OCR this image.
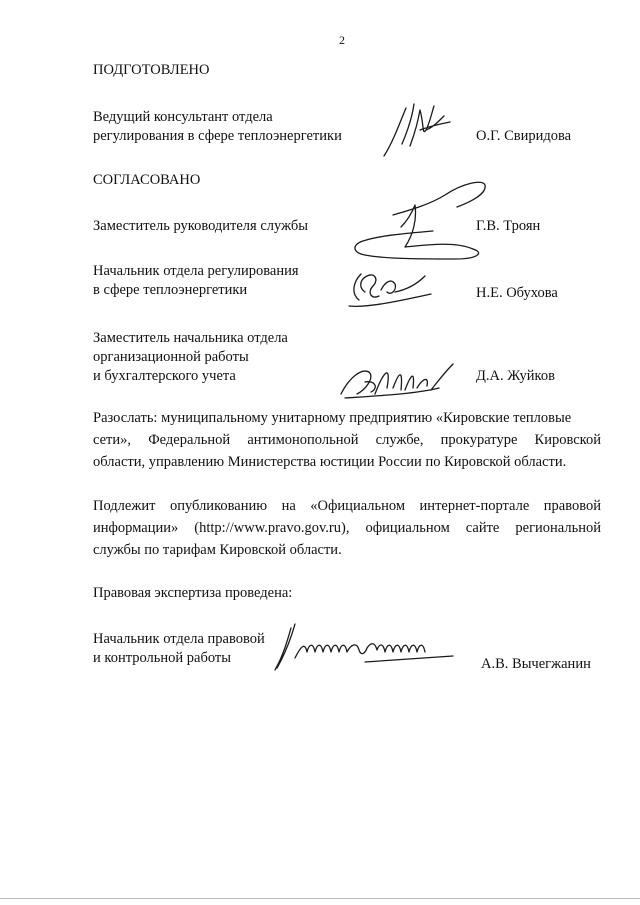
2

ПОДГОТОВЛЕНО

Ведущий консультант отдела

регулирования в сфере теплоэнергетики	О.Г. Свиридова

СОГЛАСОВАНО

Заместитель руководителя службы	Г.В. Троян

Начальник отдела регулирования

в сфере теплоэнергетики	Н.Е. Обухова

Заместитель начальника отдела

организационной работы

и бухгалтерского учета	Д.А. Жуйков

Разослать: муниципальному унитарному предприятию «Кировские тепловые

сети», Федеральной антимонопольной службе, прокуратуре Кировской

области, управлению Министерства юстиции России по Кировской области.

Подлежит опубликованию на «Официальном интернет-портале правовой

информации» (http://www.pravo.gov.ru), официальном сайте региональной

службы по тарифам Кировской области.

Правовая экспертиза проведена:

Начальник отдела правовой

и контрольной работы	А.В. Вычегжанин
